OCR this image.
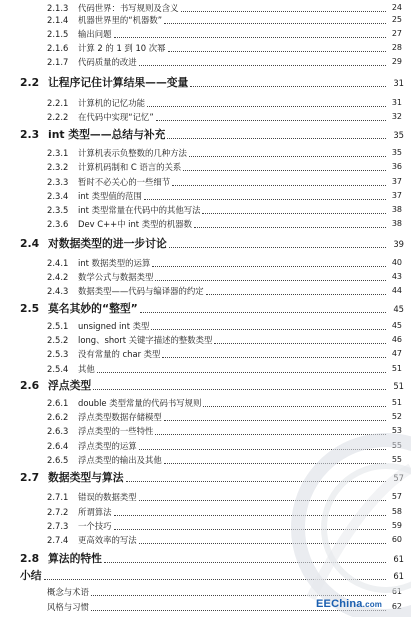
2.1.3	代码世界：书写规则及含义	24
2.1.4	机器世界里的“机器数”	25
2.1.5	输出问题	27
2.1.6	计算 2 的 1 到 10 次幂	28
2.1.7	代码质量的改进	29
2.2 让程序记住计算结果——变量	31
2.2.1	计算机的记忆功能	31
2.2.2	在代码中实现“记忆”	32
2.3 int 类型——总结与补充	35
2.3.1	计算机表示负整数的几种方法	35
2.3.2	计算机码制和 C 语言的关系	36
2.3.3	暂时不必关心的一些细节	37
2.3.4	int 类型值的范围	37
2.3.5	int 类型常量在代码中的其他写法	38
2.3.6	Dev C++中 int 类型的机器数	38
2.4 对数据类型的进一步讨论	39
2.4.1	int 数据类型的运算	40
2.4.2	数学公式与数据类型	43
2.4.3	数据类型——代码与编译器的约定	44
2.5 莫名其妙的“整型”	45
2.5.1	unsigned int 类型	45
2.5.2	long、short 关键字描述的整数类型	46
2.5.3	没有常量的 char 类型	47
2.5.4	其他	51
2.6 浮点类型	51
2.6.1	double 类型常量的代码书写规则	51
2.6.2	浮点类型数据存储模型	52
2.6.3	浮点类型的一些特性	53
2.6.4	浮点类型的运算	55
2.6.5	浮点类型的输出及其他	55
2.7 数据类型与算法	57
2.7.1	错误的数据类型	57
2.7.2	所谓算法	58
2.7.3	一个技巧	59
2.7.4	更高效率的写法	60
2.8 算法的特性	61
小结	61
概念与术语	61
风格与习惯	62
EEChina.com
